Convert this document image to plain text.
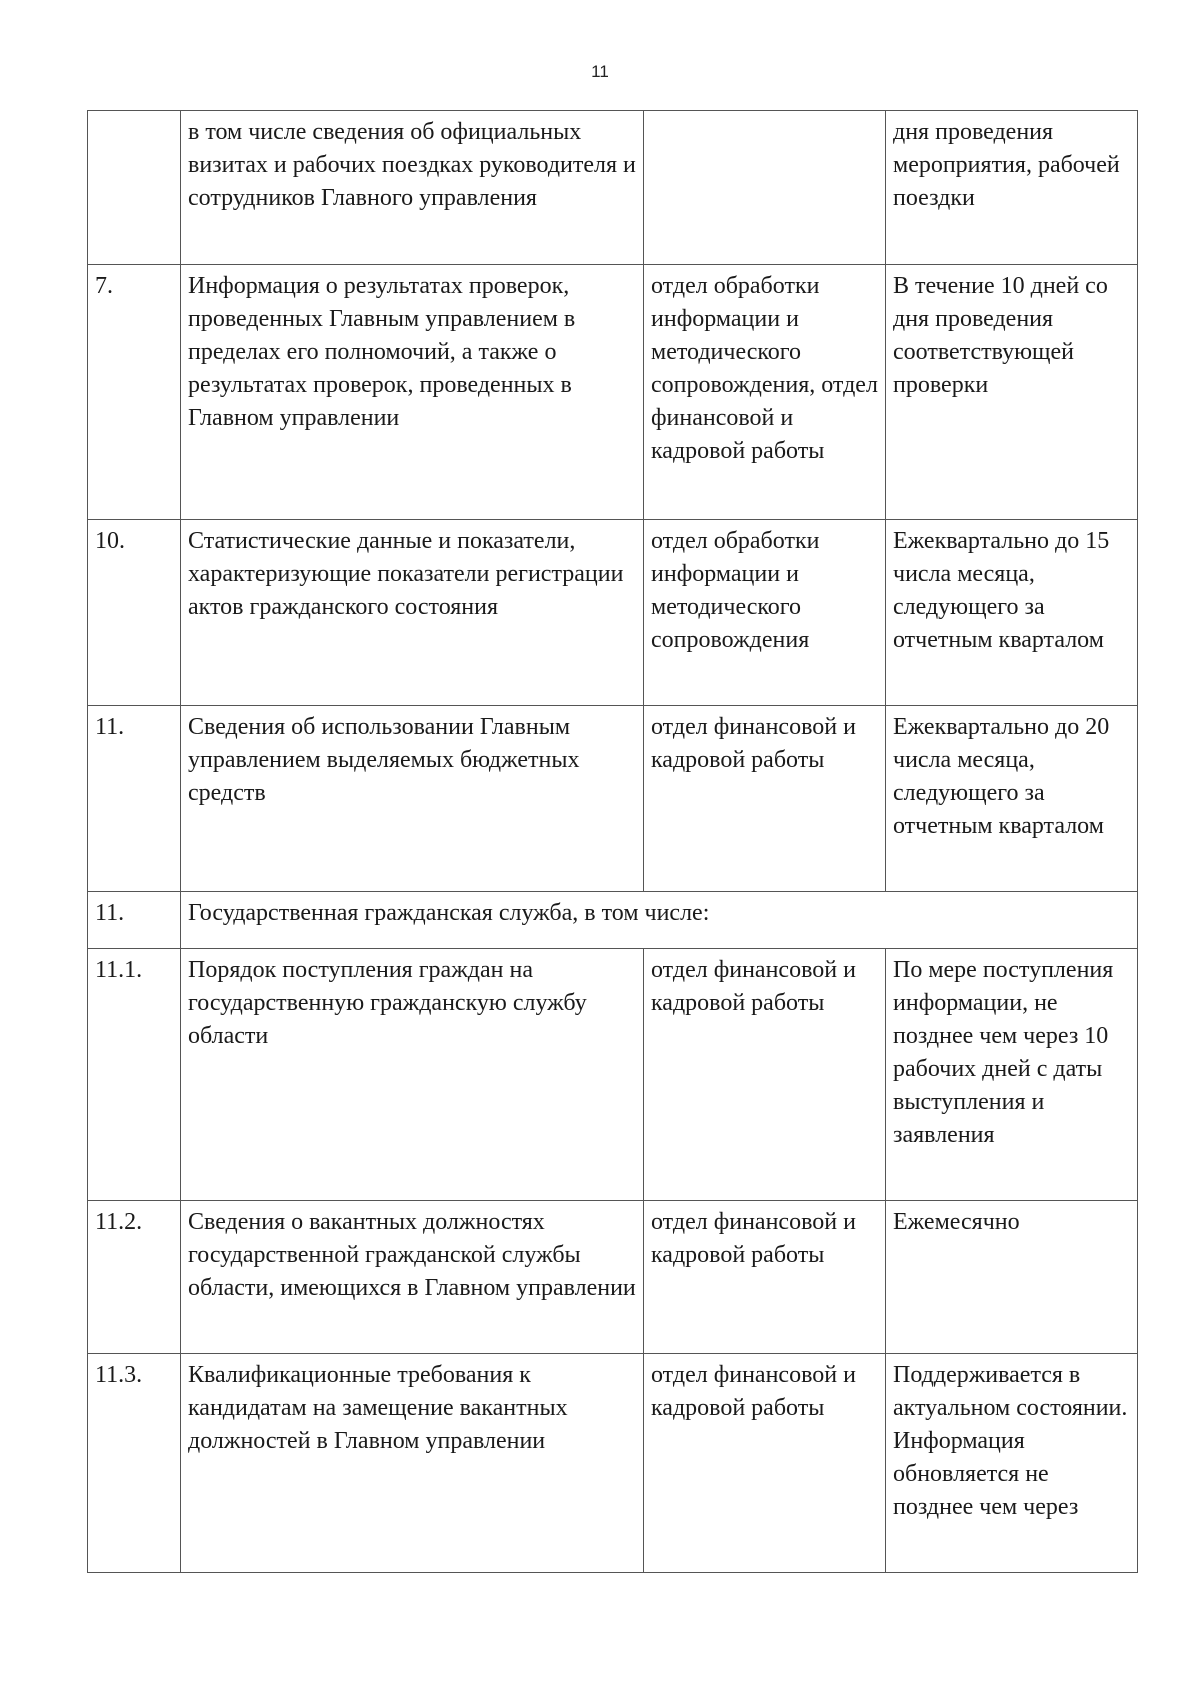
11
	в том числе сведения об официальных визитах и рабочих поездках руководителя и сотрудников Главного управления		дня проведения мероприятия, рабочей поездки
7.	Информация о результатах проверок, проведенных Главным управлением в пределах его полномочий, а также о результатах проверок, проведенных в Главном управлении	отдел обработки информации и методического сопровождения, отдел финансовой и кадровой работы	В течение 10 дней со дня проведения соответствующей проверки
10.	Статистические данные и показатели, характеризующие показатели регистрации актов гражданского состояния	отдел обработки информации и методического сопровождения	Ежеквартально до 15 числа месяца, следующего за отчетным кварталом
11.	Сведения об использовании Главным управлением выделяемых бюджетных средств	отдел финансовой и кадровой работы	Ежеквартально до 20 числа месяца, следующего за отчетным кварталом
11.	Государственная гражданская служба, в том числе:		
11.1.	Порядок поступления граждан на государственную гражданскую службу области	отдел финансовой и кадровой работы	По мере поступления информации, не позднее чем через 10 рабочих дней с даты выступления и заявления
11.2.	Сведения о вакантных должностях государственной гражданской службы области, имеющихся в Главном управлении	отдел финансовой и кадровой работы	Ежемесячно
11.3.	Квалификационные требования к кандидатам на замещение вакантных должностей в Главном управлении	отдел финансовой и кадровой работы	Поддерживается в актуальном состоянии. Информация обновляется не позднее чем через
